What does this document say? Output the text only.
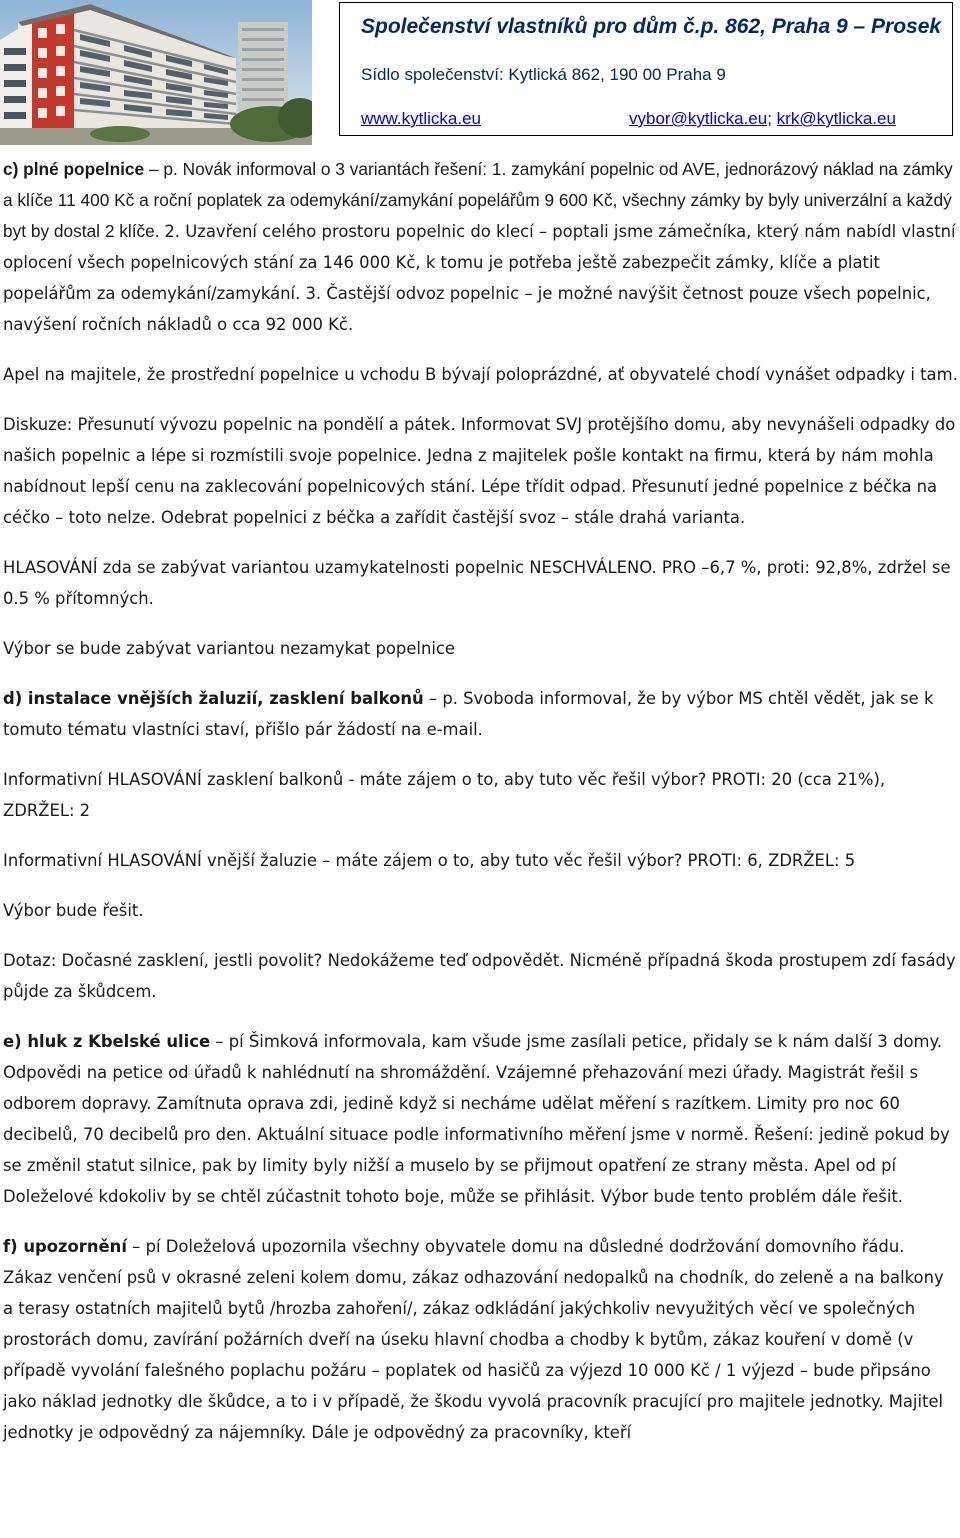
Společenství vlastníků pro dům č.p. 862, Praha 9 – Prosek
Sídlo společenství: Kytlická 862, 190 00 Praha 9
www.kytlicka.eu	vybor@kytlicka.eu; krk@kytlicka.eu

c) plné popelnice – p. Novák informoval o 3 variantách řešení: 1. zamykání popelnic od AVE, jednorázový náklad na zámky a klíče 11 400 Kč a roční poplatek za odemykání/zamykání popelářům 9 600 Kč, všechny zámky by byly univerzální a každý byt by dostal 2 klíče. 2. Uzavření celého prostoru popelnic do klecí – poptali jsme zámečníka, který nám nabídl vlastní oplocení všech popelnicových stání za 146 000 Kč, k tomu je potřeba ještě zabezpečit zámky, klíče a platit popelářům za odemykání/zamykání. 3. Častější odvoz popelnic – je možné navýšit četnost pouze všech popelnic, navýšení ročních nákladů o cca 92 000 Kč.

Apel na majitele, že prostřední popelnice u vchodu B bývají poloprázdné, ať obyvatelé chodí vynášet odpadky i tam.

Diskuze: Přesunutí vývozu popelnic na pondělí a pátek. Informovat SVJ protějšího domu, aby nevynášeli odpadky do našich popelnic a lépe si rozmístili svoje popelnice. Jedna z majitelek pošle kontakt na firmu, která by nám mohla nabídnout lepší cenu na zaklecování popelnicových stání. Lépe třídit odpad. Přesunutí jedné popelnice z béčka na céčko – toto nelze. Odebrat popelnici z béčka a zařídit častější svoz – stále drahá varianta.

HLASOVÁNÍ zda se zabývat variantou uzamykatelnosti popelnic NESCHVÁLENO. PRO –6,7 %, proti: 92,8%, zdržel se 0.5 % přítomných.

Výbor se bude zabývat variantou nezamykat popelnice

d) instalace vnějších žaluzií, zasklení balkonů – p. Svoboda informoval, že by výbor MS chtěl vědět, jak se k tomuto tématu vlastníci staví, přišlo pár žádostí na e-mail.

Informativní HLASOVÁNÍ zasklení balkonů - máte zájem o to, aby tuto věc řešil výbor? PROTI: 20 (cca 21%), ZDRŽEL: 2

Informativní HLASOVÁNÍ vnější žaluzie – máte zájem o to, aby tuto věc řešil výbor? PROTI: 6, ZDRŽEL: 5

Výbor bude řešit.

Dotaz: Dočasné zasklení, jestli povolit? Nedokážeme teď odpovědět. Nicméně případná škoda prostupem zdí fasády půjde za škůdcem.

e) hluk z Kbelské ulice – pí Šimková informovala, kam všude jsme zasílali petice, přidaly se k nám další 3 domy. Odpovědi na petice od úřadů k nahlédnutí na shromáždění. Vzájemné přehazování mezi úřady. Magistrát řešil s odborem dopravy. Zamítnuta oprava zdi, jedině když si necháme udělat měření s razítkem. Limity pro noc 60 decibelů, 70 decibelů pro den. Aktuální situace podle informativního měření jsme v normě. Řešení: jedině pokud by se změnil statut silnice, pak by limity byly nižší a muselo by se přijmout opatření ze strany města. Apel od pí Doleželové kdokoliv by se chtěl zúčastnit tohoto boje, může se přihlásit. Výbor bude tento problém dále řešit.

f) upozornění – pí Doleželová upozornila všechny obyvatele domu na důsledné dodržování domovního řádu. Zákaz venčení psů v okrasné zeleni kolem domu, zákaz odhazování nedopalků na chodník, do zeleně a na balkony a terasy ostatních majitelů bytů /hrozba zahoření/, zákaz odkládání jakýchkoliv nevyužitých věcí ve společných prostorách domu, zavírání požárních dveří na úseku hlavní chodba a chodby k bytům, zákaz kouření v domě (v případě vyvolání falešného poplachu požáru – poplatek od hasičů za výjezd 10 000 Kč / 1 výjezd – bude připsáno jako náklad jednotky dle škůdce, a to i v případě, že škodu vyvolá pracovník pracující pro majitele jednotky. Majitel jednotky je odpovědný za nájemníky. Dále je odpovědný za pracovníky, kteří
